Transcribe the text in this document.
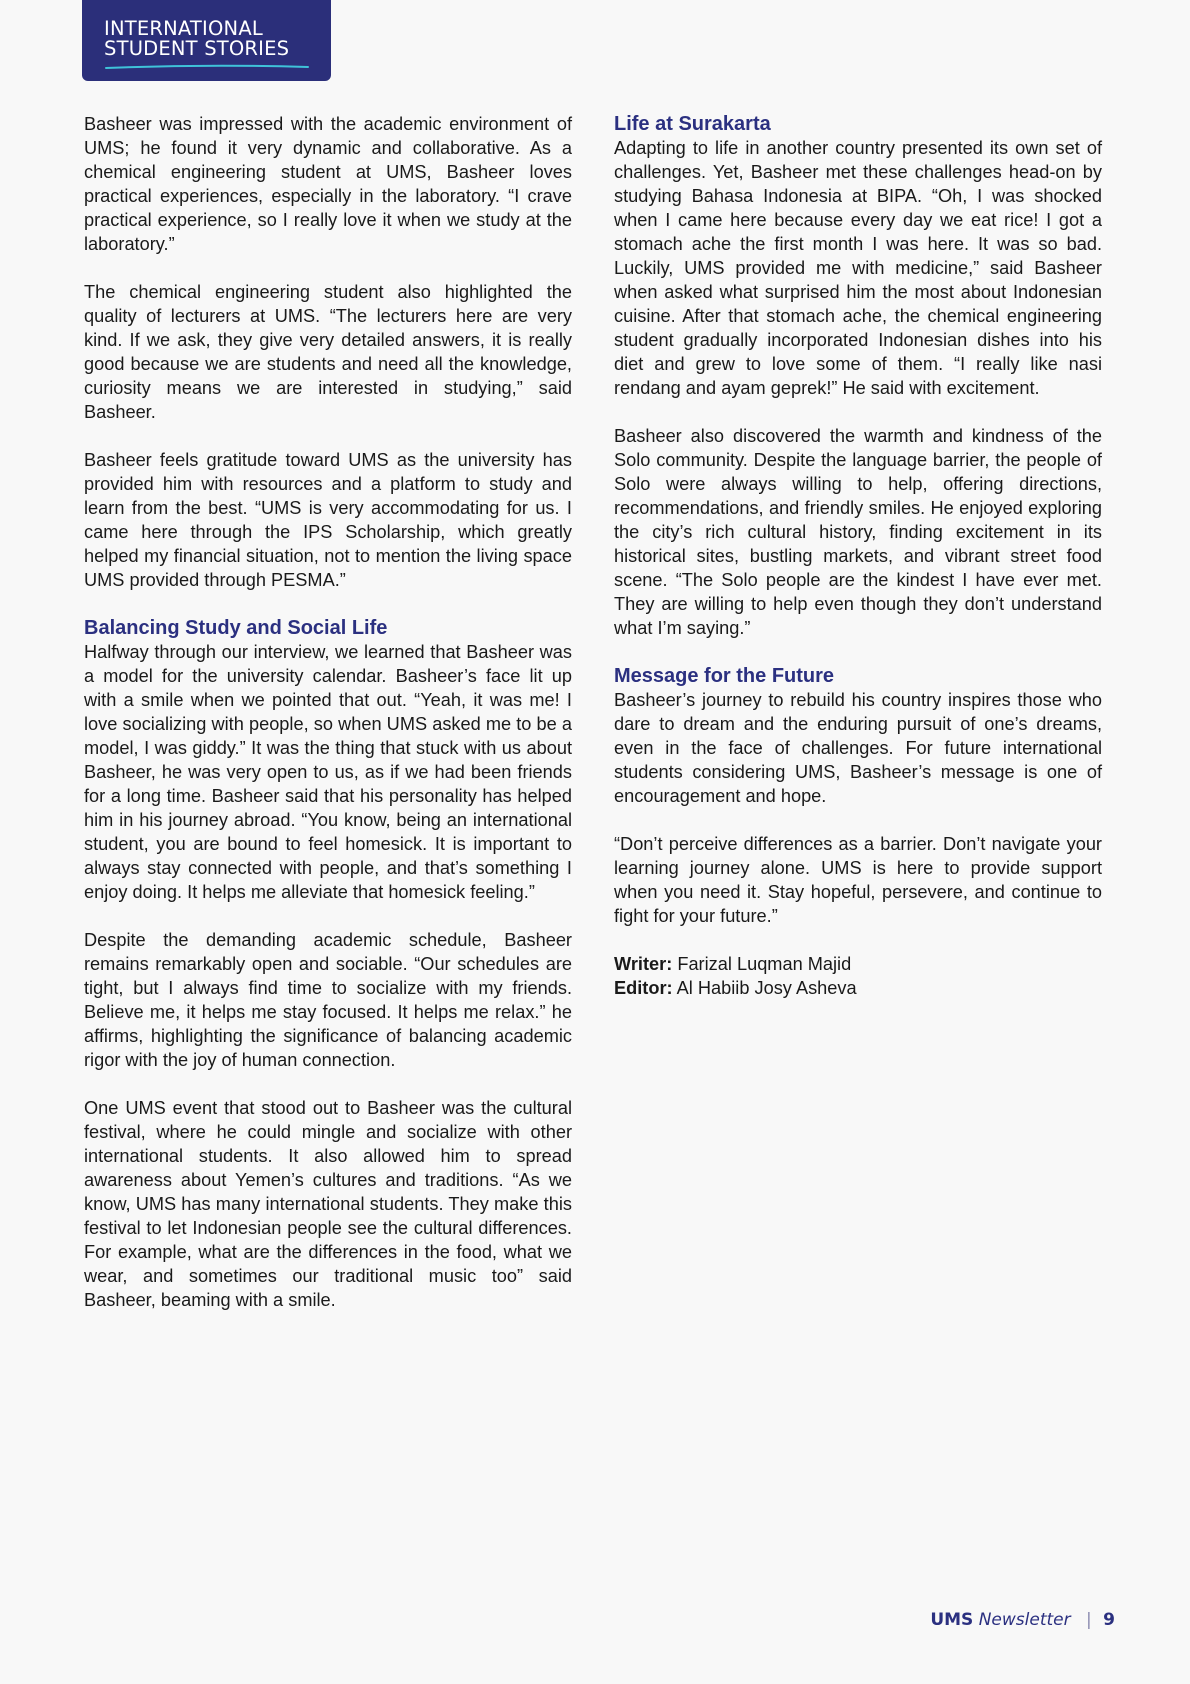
INTERNATIONAL
STUDENT STORIES

Basheer was impressed with the academic environment of UMS; he found it very dynamic and collaborative. As a chemical engineering student at UMS, Basheer loves practical experiences, especially in the laboratory. “I crave practical experience, so I really love it when we study at the laboratory.”

The chemical engineering student also highlighted the quality of lecturers at UMS. “The lecturers here are very kind. If we ask, they give very detailed answers, it is really good because we are students and need all the knowledge, curiosity means we are interested in studying,” said Basheer.

Basheer feels gratitude toward UMS as the university has provided him with resources and a platform to study and learn from the best. “UMS is very accommodating for us. I came here through the IPS Scholarship, which greatly helped my financial situation, not to mention the living space UMS provided through PESMA.”

Balancing Study and Social Life

Halfway through our interview, we learned that Basheer was a model for the university calendar. Basheer’s face lit up with a smile when we pointed that out. “Yeah, it was me! I love socializing with people, so when UMS asked me to be a model, I was giddy.” It was the thing that stuck with us about Basheer, he was very open to us, as if we had been friends for a long time. Basheer said that his personality has helped him in his journey abroad. “You know, being an international student, you are bound to feel homesick. It is important to always stay connected with people, and that’s something I enjoy doing. It helps me alleviate that homesick feeling.”

Despite the demanding academic schedule, Basheer remains remarkably open and sociable. “Our schedules are tight, but I always find time to socialize with my friends. Believe me, it helps me stay focused. It helps me relax.” he affirms, highlighting the significance of balancing academic rigor with the joy of human connection.

One UMS event that stood out to Basheer was the cultural festival, where he could mingle and socialize with other international students. It also allowed him to spread awareness about Yemen’s cultures and traditions. “As we know, UMS has many international students. They make this festival to let Indonesian people see the cultural differences. For example, what are the differences in the food, what we wear, and sometimes our traditional music too” said Basheer, beaming with a smile.

Life at Surakarta

Adapting to life in another country presented its own set of challenges. Yet, Basheer met these challenges head-on by studying Bahasa Indonesia at BIPA. “Oh, I was shocked when I came here because every day we eat rice! I got a stomach ache the first month I was here. It was so bad. Luckily, UMS provided me with medicine,” said Basheer when asked what surprised him the most about Indonesian cuisine. After that stomach ache, the chemical engineering student gradually incorporated Indonesian dishes into his diet and grew to love some of them. “I really like nasi rendang and ayam geprek!” He said with excitement.

Basheer also discovered the warmth and kindness of the Solo community. Despite the language barrier, the people of Solo were always willing to help, offering directions, recommendations, and friendly smiles. He enjoyed exploring the city’s rich cultural history, finding excitement in its historical sites, bustling markets, and vibrant street food scene. “The Solo people are the kindest I have ever met. They are willing to help even though they don’t understand what I’m saying.”

Message for the Future

Basheer’s journey to rebuild his country inspires those who dare to dream and the enduring pursuit of one’s dreams, even in the face of challenges. For future international students considering UMS, Basheer’s message is one of encouragement and hope.

“Don’t perceive differences as a barrier. Don’t navigate your learning journey alone. UMS is here to provide support when you need it. Stay hopeful, persevere, and continue to fight for your future.”

Writer: Farizal Luqman Majid

Editor: Al Habiib Josy Asheva

UMS Newsletter | 9
